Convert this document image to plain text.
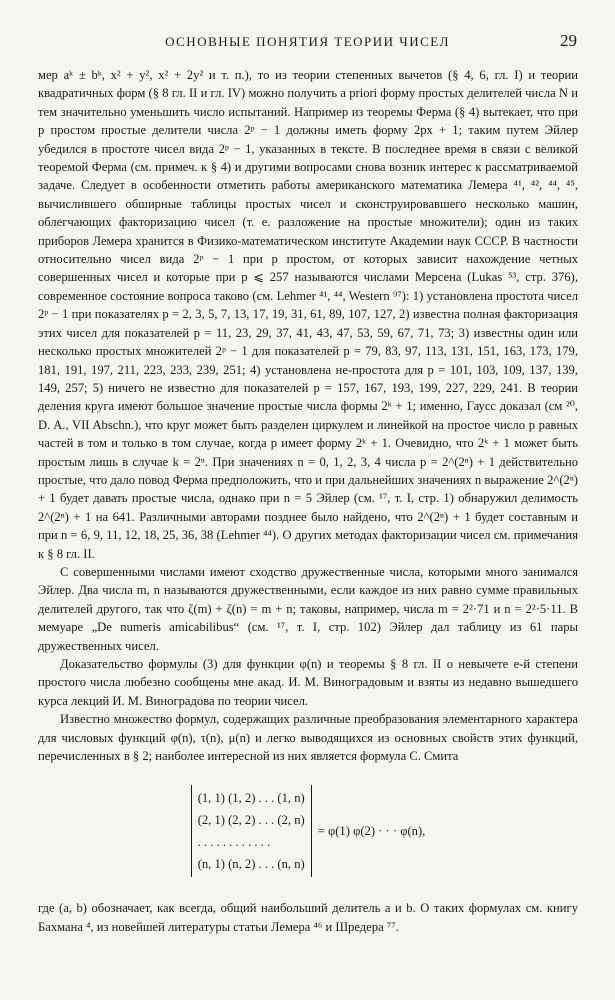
ОСНОВНЫЕ ПОНЯТИЯ ТЕОРИИ ЧИСЕЛ	29

мер aᵏ ± bᵏ, x² + y², x² + 2y² и т. п.), то из теории степенных вычетов (§ 4, 6, гл. I) и теории квадратичных форм (§ 8 гл. II и гл. IV) можно получить a priori форму простых делителей числа N и тем значительно уменьшить число испытаний. Например из теоремы Ферма (§ 4) вытекает, что при p простом простые делители числа 2ᵖ − 1 должны иметь форму 2px + 1; таким путем Эйлер убедился в простоте чисел вида 2ᵖ − 1, указанных в тексте. В последнее время в связи с великой теоремой Ферма (см. примеч. к § 4) и другими вопросами снова возник интерес к рассматриваемой задаче. Следует в особенности отметить работы американского математика Лемера ⁴¹, ⁴², ⁴⁴, ⁴⁵, вычислившего обширные таблицы простых чисел и сконструировавшего несколько машин, облегчающих факторизацию чисел (т. е. разложение на простые множители); один из таких приборов Лемера хранится в Физико-математическом институте Академии наук СССР. В частности относительно чисел вида 2ᵖ − 1 при p простом, от которых зависит нахождение четных совершенных чисел и которые при p ⩽ 257 называются числами Мерсена (Lukas ⁵³, стр. 376), современное состояние вопроса таково (см. Lehmer ⁴¹, ⁴⁴, Western ⁹⁷): 1) установлена простота чисел 2ᵖ − 1 при показателях p = 2, 3, 5, 7, 13, 17, 19, 31, 61, 89, 107, 127, 2) известна полная факторизация этих чисел для показателей p = 11, 23, 29, 37, 41, 43, 47, 53, 59, 67, 71, 73; 3) известны один или несколько простых множителей 2ᵖ − 1 для показателей p = 79, 83, 97, 113, 131, 151, 163, 173, 179, 181, 191, 197, 211, 223, 233, 239, 251; 4) установлена не-простота для p = 101, 103, 109, 137, 139, 149, 257; 5) ничего не известно для показателей p = 157, 167, 193, 199, 227, 229, 241. В теории деления круга имеют большое значение простые числа формы 2ᵏ + 1; именно, Гаусс доказал (см ²⁰, D. A., VII Abschn.), что круг может быть разделен циркулем и линейкой на простое число p равных частей в том и только в том случае, когда p имеет форму 2ᵏ + 1. Очевидно, что 2ᵏ + 1 может быть простым лишь в случае k = 2ⁿ. При значениях n = 0, 1, 2, 3, 4 числа p = 2^(2ⁿ) + 1 действительно простые, что дало повод Ферма предположить, что и при дальнейших значениях n выражение 2^(2ⁿ) + 1 будет давать простые числа, однако при n = 5 Эйлер (см. ¹⁷, т. I, стр. 1) обнаружил делимость 2^(2ⁿ) + 1 на 641. Различными авторами позднее было найдено, что 2^(2ⁿ) + 1 будет составным и при n = 6, 9, 11, 12, 18, 25, 36, 38 (Lehmer ⁴⁴). О других методах факторизации чисел см. примечания к § 8 гл. II.

С совершенными числами имеют сходство дружественные числа, которыми много занимался Эйлер. Два числа m, n называются дружественными, если каждое из них равно сумме правильных делителей другого, так что ζ(m) + ζ(n) = m + n; таковы, например, числа m = 2²·71 и n = 2²·5·11. В мемуаре „De numeris amicabilibus“ (см. ¹⁷, т. I, стр. 102) Эйлер дал таблицу из 61 пары дружественных чисел.

Доказательство формулы (3) для функции φ(n) и теоремы § 8 гл. II о невычете e-й степени простого числа любезно сообщены мне акад. И. М. Виноградовым и взяты из недавно вышедшего курса лекций И. М. Виноградова по теории чисел.

Известно множество формул, содержащих различные преобразования элементарного характера для числовых функций φ(n), τ(n), μ(n) и легко выводящихся из основных свойств этих функций, перечисленных в § 2; наиболее интересной из них является формула С. Смита

(1, 1) (1, 2) . . . (1, n)
(2, 1) (2, 2) . . . (2, n)
. . . . . . . . . . . .
(n, 1) (n, 2) . . . (n, n)
= φ(1) φ(2) · · · φ(n),

где (a, b) обозначает, как всегда, общий наибольший делитель a и b. О таких формулах см. книгу Бахмана ⁴, из новейшей литературы статьи Лемера ⁴⁶ и Шредера ⁷⁷.
